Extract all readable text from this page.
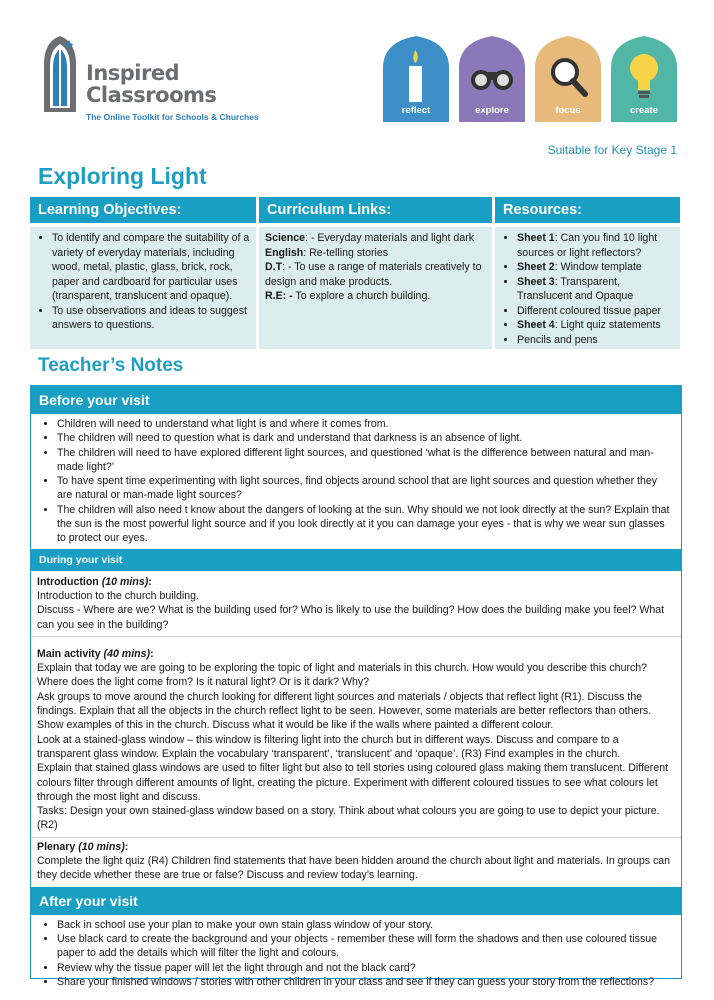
Inspired
Classrooms
The Online Toolkit for Schools & Churches
reflect	explore	focus	create
Suitable for Key Stage 1
Exploring Light
Learning Objectives:
• To identify and compare the suitability of a variety of everyday materials, including wood, metal, plastic, glass, brick, rock, paper and cardboard for particular uses (transparent, translucent and opaque).
• To use observations and ideas to suggest answers to questions.
Curriculum Links:

Science: - Everyday materials and light dark

English: Re-telling stories

D.T: - To use a range of materials creatively to design and make products.

R.E: - To explore a church building.

Resources:
• Sheet 1: Can you find 10 light sources or light reflectors?
• Sheet 2: Window template
• Sheet 3: Transparent, Translucent and Opaque
• Different coloured tissue paper
• Sheet 4: Light quiz statements
• Pencils and pens
Teacher’s Notes
Before your visit
• Children will need to understand what light is and where it comes from.
• The children will need to question what is dark and understand that darkness is an absence of light.
• The children will need to have explored different light sources, and questioned ‘what is the difference between natural and man-made light?’
• To have spent time experimenting with light sources, find objects around school that are light sources and question whether they are natural or man-made light sources?
• The children will also need t know about the dangers of looking at the sun. Why should we not look directly at the sun? Explain that the sun is the most powerful light source and if you look directly at it you can damage your eyes - that is why we wear sun glasses to protect our eyes.
During your visit

Introduction (10 mins):

Introduction to the church building.

Discuss - Where are we? What is the building used for? Who is likely to use the building? How does the building make you feel? What can you see in the building?

Main activity (40 mins):

Explain that today we are going to be exploring the topic of light and materials in this church. How would you describe this church? Where does the light come from? Is it natural light? Or is it dark? Why?

Ask groups to move around the church looking for different light sources and materials / objects that reflect light (R1). Discuss the findings. Explain that all the objects in the church reflect light to be seen. However, some materials are better reflectors than others. Show examples of this in the church. Discuss what it would be like if the walls where painted a different colour.

Look at a stained-glass window – this window is filtering light into the church but in different ways. Discuss and compare to a transparent glass window. Explain the vocabulary ‘transparent’, ‘translucent’ and ‘opaque’. (R3) Find examples in the church.

Explain that stained glass windows are used to filter light but also to tell stories using coloured glass making them translucent. Different colours filter through different amounts of light, creating the picture. Experiment with different coloured tissues to see what colours let through the most light and discuss.

Tasks: Design your own stained-glass window based on a story. Think about what colours you are going to use to depict your picture. (R2)

Plenary (10 mins):

Complete the light quiz (R4) Children find statements that have been hidden around the church about light and materials. In groups can they decide whether these are true or false? Discuss and review today’s learning.

After your visit
• Back in school use your plan to make your own stain glass window of your story.
• Use black card to create the background and your objects - remember these will form the shadows and then use coloured tissue paper to add the details which will filter the light and colours.
• Review why the tissue paper will let the light through and not the black card?
• Share your finished windows / stories with other children in your class and see if they can guess your story from the reflections?
